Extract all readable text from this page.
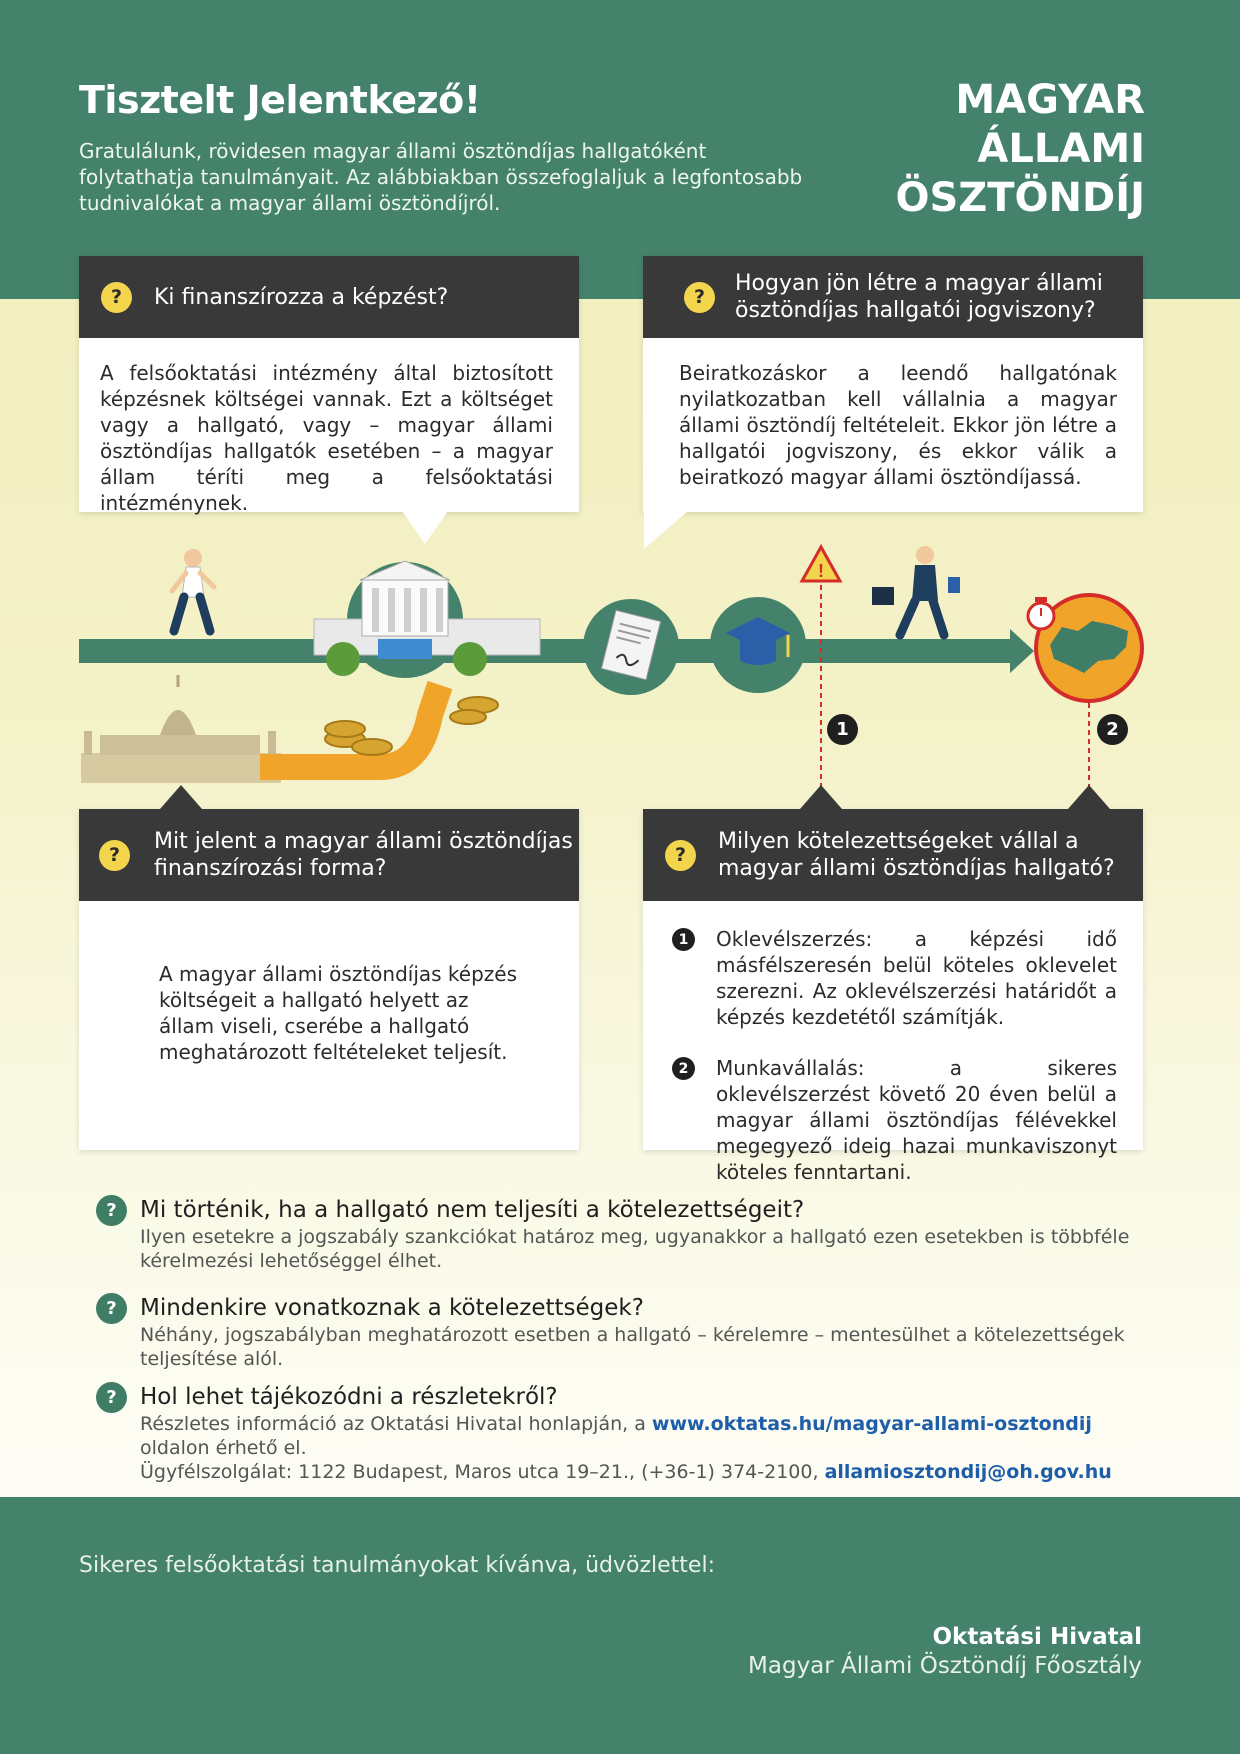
Tisztelt Jelentkező!
Gratulálunk, rövidesen magyar állami ösztöndíjas hallgatóként folytathatja tanulmányait. Az alábbiakban összefoglaljuk a legfontosabb tudnivalókat a magyar állami ösztöndíjról.
MAGYAR
ÁLLAMI
ÖSZTÖNDÍJ
?	Ki finanszírozza a képzést?
A felsőoktatási intézmény által biztosított képzésnek költségei vannak. Ezt a költséget vagy a hallgató, vagy – magyar állami ösztöndíjas hallgatók esetében – a magyar állam téríti meg a felsőoktatási intézménynek.
?
Hogyan jön létre a magyar állami ösztöndíjas hallgatói jogviszony?
Beiratkozáskor a leendő hallgatónak nyilatkozatban kell vállalnia a magyar állami ösztöndíj feltételeit. Ekkor jön létre a hallgatói jogviszony, és ekkor válik a beiratkozó magyar állami ösztöndíjassá.
!
1	2
?
Mit jelent a magyar állami ösztöndíjas finanszírozási forma?
A magyar állami ösztöndíjas képzés költségeit a hallgató helyett az állam viseli, cserébe a hallgató meghatározott feltételeket teljesít.
?
Milyen kötelezettségeket vállal a magyar állami ösztöndíjas hallgató?
1	Oklevélszerzés: a képzési idő másfélszeresén belül köteles oklevelet szerezni. Az oklevélszerzési határidőt a képzés kezdetétől számítják.
2	Munkavállalás: a sikeres oklevélszerzést követő 20 éven belül a magyar állami ösztöndíjas félévekkel megegyező ideig hazai munkaviszonyt köteles fenntartani.
?	Mi történik, ha a hallgató nem teljesíti a kötelezettségeit?
Ilyen esetekre a jogszabály szankciókat határoz meg, ugyanakkor a hallgató ezen esetekben is többféle kérelmezési lehetőséggel élhet.
?	Mindenkire vonatkoznak a kötelezettségek?
Néhány, jogszabályban meghatározott esetben a hallgató – kérelemre – mentesülhet a kötelezettségek teljesítése alól.
?	Hol lehet tájékozódni a részletekről?
Részletes információ az Oktatási Hivatal honlapján, a www.oktatas.hu/magyar-allami-osztondij oldalon érhető el.
Ügyfélszolgálat: 1122 Budapest, Maros utca 19–21., (+36-1) 374-2100, allamiosztondij@oh.gov.hu
Sikeres felsőoktatási tanulmányokat kívánva, üdvözlettel:
Oktatási Hivatal
Magyar Állami Ösztöndíj Főosztály
